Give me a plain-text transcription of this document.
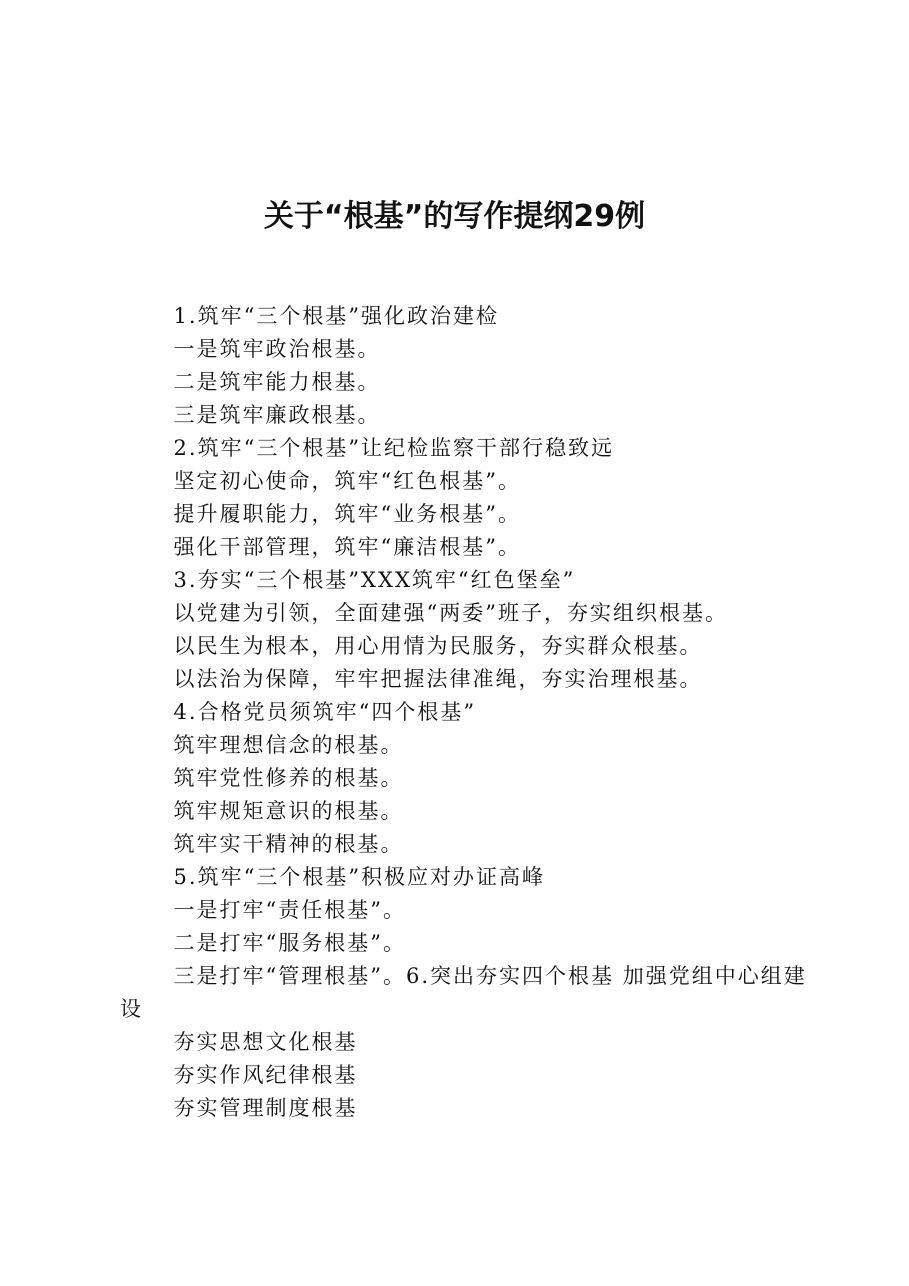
关于“根基”的写作提纲29例

1.筑牢“三个根基”强化政治建检

一是筑牢政治根基。

二是筑牢能力根基。

三是筑牢廉政根基。

2.筑牢“三个根基”让纪检监察干部行稳致远

坚定初心使命，筑牢“红色根基”。

提升履职能力，筑牢“业务根基”。

强化干部管理，筑牢“廉洁根基”。

3.夯实“三个根基”XXX筑牢“红色堡垒”

以党建为引领，全面建强“两委”班子，夯实组织根基。

以民生为根本，用心用情为民服务，夯实群众根基。

以法治为保障，牢牢把握法律准绳，夯实治理根基。

4.合格党员须筑牢“四个根基”

筑牢理想信念的根基。

筑牢党性修养的根基。

筑牢规矩意识的根基。

筑牢实干精神的根基。

5.筑牢“三个根基”积极应对办证高峰

一是打牢“责任根基”。

二是打牢“服务根基”。

三是打牢“管理根基”。6.突出夯实四个根基 加强党组中心组建设

夯实思想文化根基

夯实作风纪律根基

夯实管理制度根基
